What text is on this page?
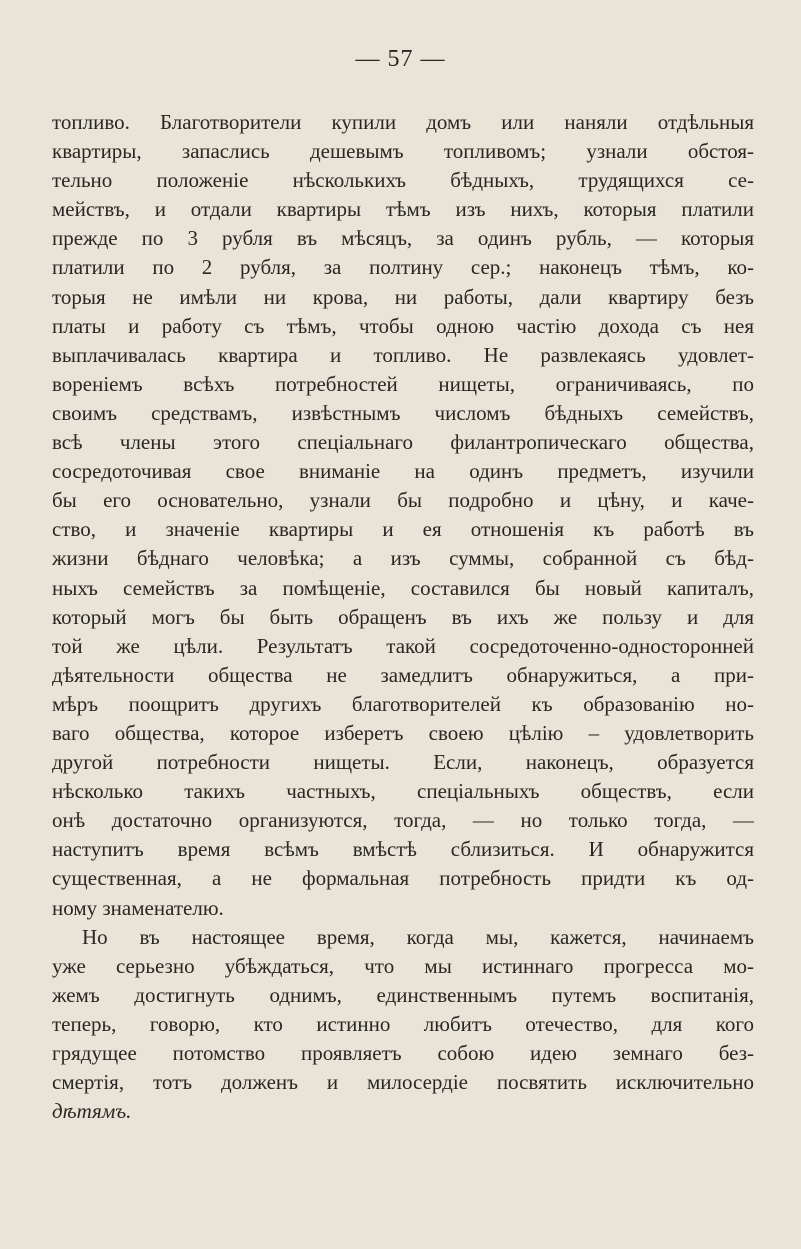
— 57 —
топливо. Благотворители купили домъ или наняли отдѣльныя
квартиры, запаслись дешевымъ топливомъ; узнали обстоя-
тельно положеніе нѣсколькихъ бѣдныхъ, трудящихся се-
мействъ, и отдали квартиры тѣмъ изъ нихъ, которыя платили
прежде по 3 рубля въ мѣсяцъ, за одинъ рубль, — которыя
платили по 2 рубля, за полтину сер.; наконецъ тѣмъ, ко-
торыя не имѣли ни крова, ни работы, дали квартиру безъ
платы и работу съ тѣмъ, чтобы одною частію дохода съ нея
выплачивалась квартира и топливо. Не развлекаясь удовлет-
вореніемъ всѣхъ потребностей нищеты, ограничиваясь, по
своимъ средствамъ, извѣстнымъ числомъ бѣдныхъ семействъ,
всѣ члены этого спеціальнаго филантропическаго общества,
сосредоточивая свое вниманіе на одинъ предметъ, изучили
бы его основательно, узнали бы подробно и цѣну, и каче-
ство, и значеніе квартиры и ея отношенія къ работѣ въ
жизни бѣднаго человѣка; а изъ суммы, собранной съ бѣд-
ныхъ семействъ за помѣщеніе, составился бы новый капиталъ,
который могъ бы быть обращенъ въ ихъ же пользу и для
той же цѣли. Результатъ такой сосредоточенно-односторонней
дѣятельности общества не замедлитъ обнаружиться, а при-
мѣръ поощритъ другихъ благотворителей къ образованію но-
ваго общества, которое изберетъ своею цѣлію – удовлетворить
другой потребности нищеты. Если, наконецъ, образуется
нѣсколько такихъ частныхъ, спеціальныхъ обществъ, если
онѣ достаточно организуются, тогда, — но только тогда, —
наступитъ время всѣмъ вмѣстѣ сблизиться. И обнаружится
существенная, а не формальная потребность придти къ од-
ному знаменателю.
Но въ настоящее время, когда мы, кажется, начинаемъ
уже серьезно убѣждаться, что мы истиннаго прогресса мо-
жемъ достигнуть однимъ, единственнымъ путемъ воспитанія,
теперь, говорю, кто истинно любитъ отечество, для кого
грядущее потомство проявляетъ собою идею земнаго без-
смертія, тотъ долженъ и милосердіе посвятить исключительно
дѣтямъ.
